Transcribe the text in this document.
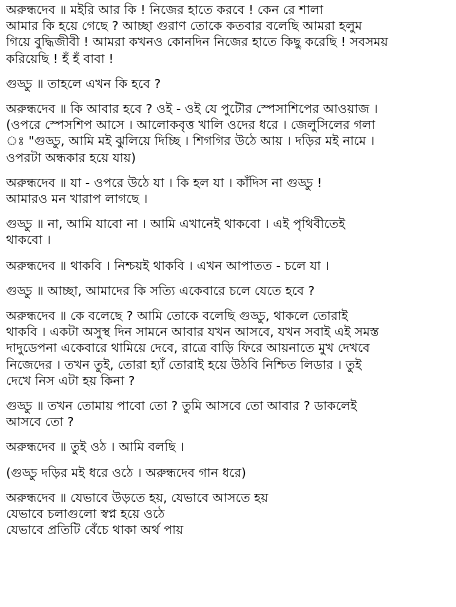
অরুন্ধদেব ॥ মইরি আর কি ! নিজের হাতে করবে ! কেন রে শালা
আমার কি হয়ে গেছে ? আচ্ছা গুরাণ তোকে কতবার বলেছি আমরা হলুম
গিয়ে বুদ্ধিজীবী ! আমরা কখনও কোনদিন নিজের হাতে কিছু করেছি ! সবসময়
করিয়েছি ! হঁ হঁ বাবা !
গুড্ডু ॥ তাহলে এখন কি হবে ?
অরুন্ধদেব ॥ কি আবার হবে ? ওই - ওই যে পুটৌর স্পেসাশিপের আওয়াজ ।
(ওপরে স্পেসশিপ আসে । আলোকবৃত্ত খালি ওদের ধরে । জেলুসিলের গলা
ঃ "গুড্ডু, আমি মই ঝুলিয়ে দিচ্ছি । শিগগির উঠে আয় । দড়ির মই নামে ।
ওপরটা অন্ধকার হয়ে যায়)
অরুন্ধদেব ॥ যা - ওপরে উঠে যা । কি হল যা । কাঁদিস না গুড্ডু !
আমারও মন খারাপ লাগছে ।
গুড্ডু ॥ না, আমি যাবো না । আমি এখানেই থাকবো । এই পৃথিবীতেই
থাকবো ।
অরুন্ধদেব ॥ থাকবি । নিশ্চয়ই থাকবি । এখন আপাতত - চলে যা ।
গুড্ডু ॥ আচ্ছা, আমাদের কি সত্যি একেবারে চলে যেতে হবে ?
অরুন্ধদেব ॥ কে বলেছে ? আমি তোকে বলেছি গুড্ডু, থাকলে তোরাই
থাকবি । একটা অসুস্থ দিন সামনে আবার যখন আসবে, যখন সবাই এই সমস্ত
দাদুডেপনা একেবারে থামিয়ে দেবে, রাত্রে বাড়ি ফিরে আয়নাতে মুখ দেখবে
নিজেদের । তখন তুই, তোরা হ্যাঁ তোরাই হয়ে উঠবি নিশ্চিত লিডার । তুই
দেখে নিস এটা হয় কিনা ?
গুড্ডু ॥ তখন তোমায় পাবো তো ? তুমি আসবে তো আবার ? ডাকলেই
আসবে তো ?
অরুন্ধদেব ॥ তুই ওঠ । আমি বলছি ।
(গুড্ডু দড়ির মই ধরে ওঠে । অরুন্ধদেব গান ধরে)
অরুন্ধদেব ॥ যেভাবে উড়তে হয়, যেভাবে আসতে হয়
যেভাবে চলাগুলো স্বপ্ন হয়ে ওঠে
যেভাবে প্রতিটি বেঁচে থাকা অর্থ পায়
